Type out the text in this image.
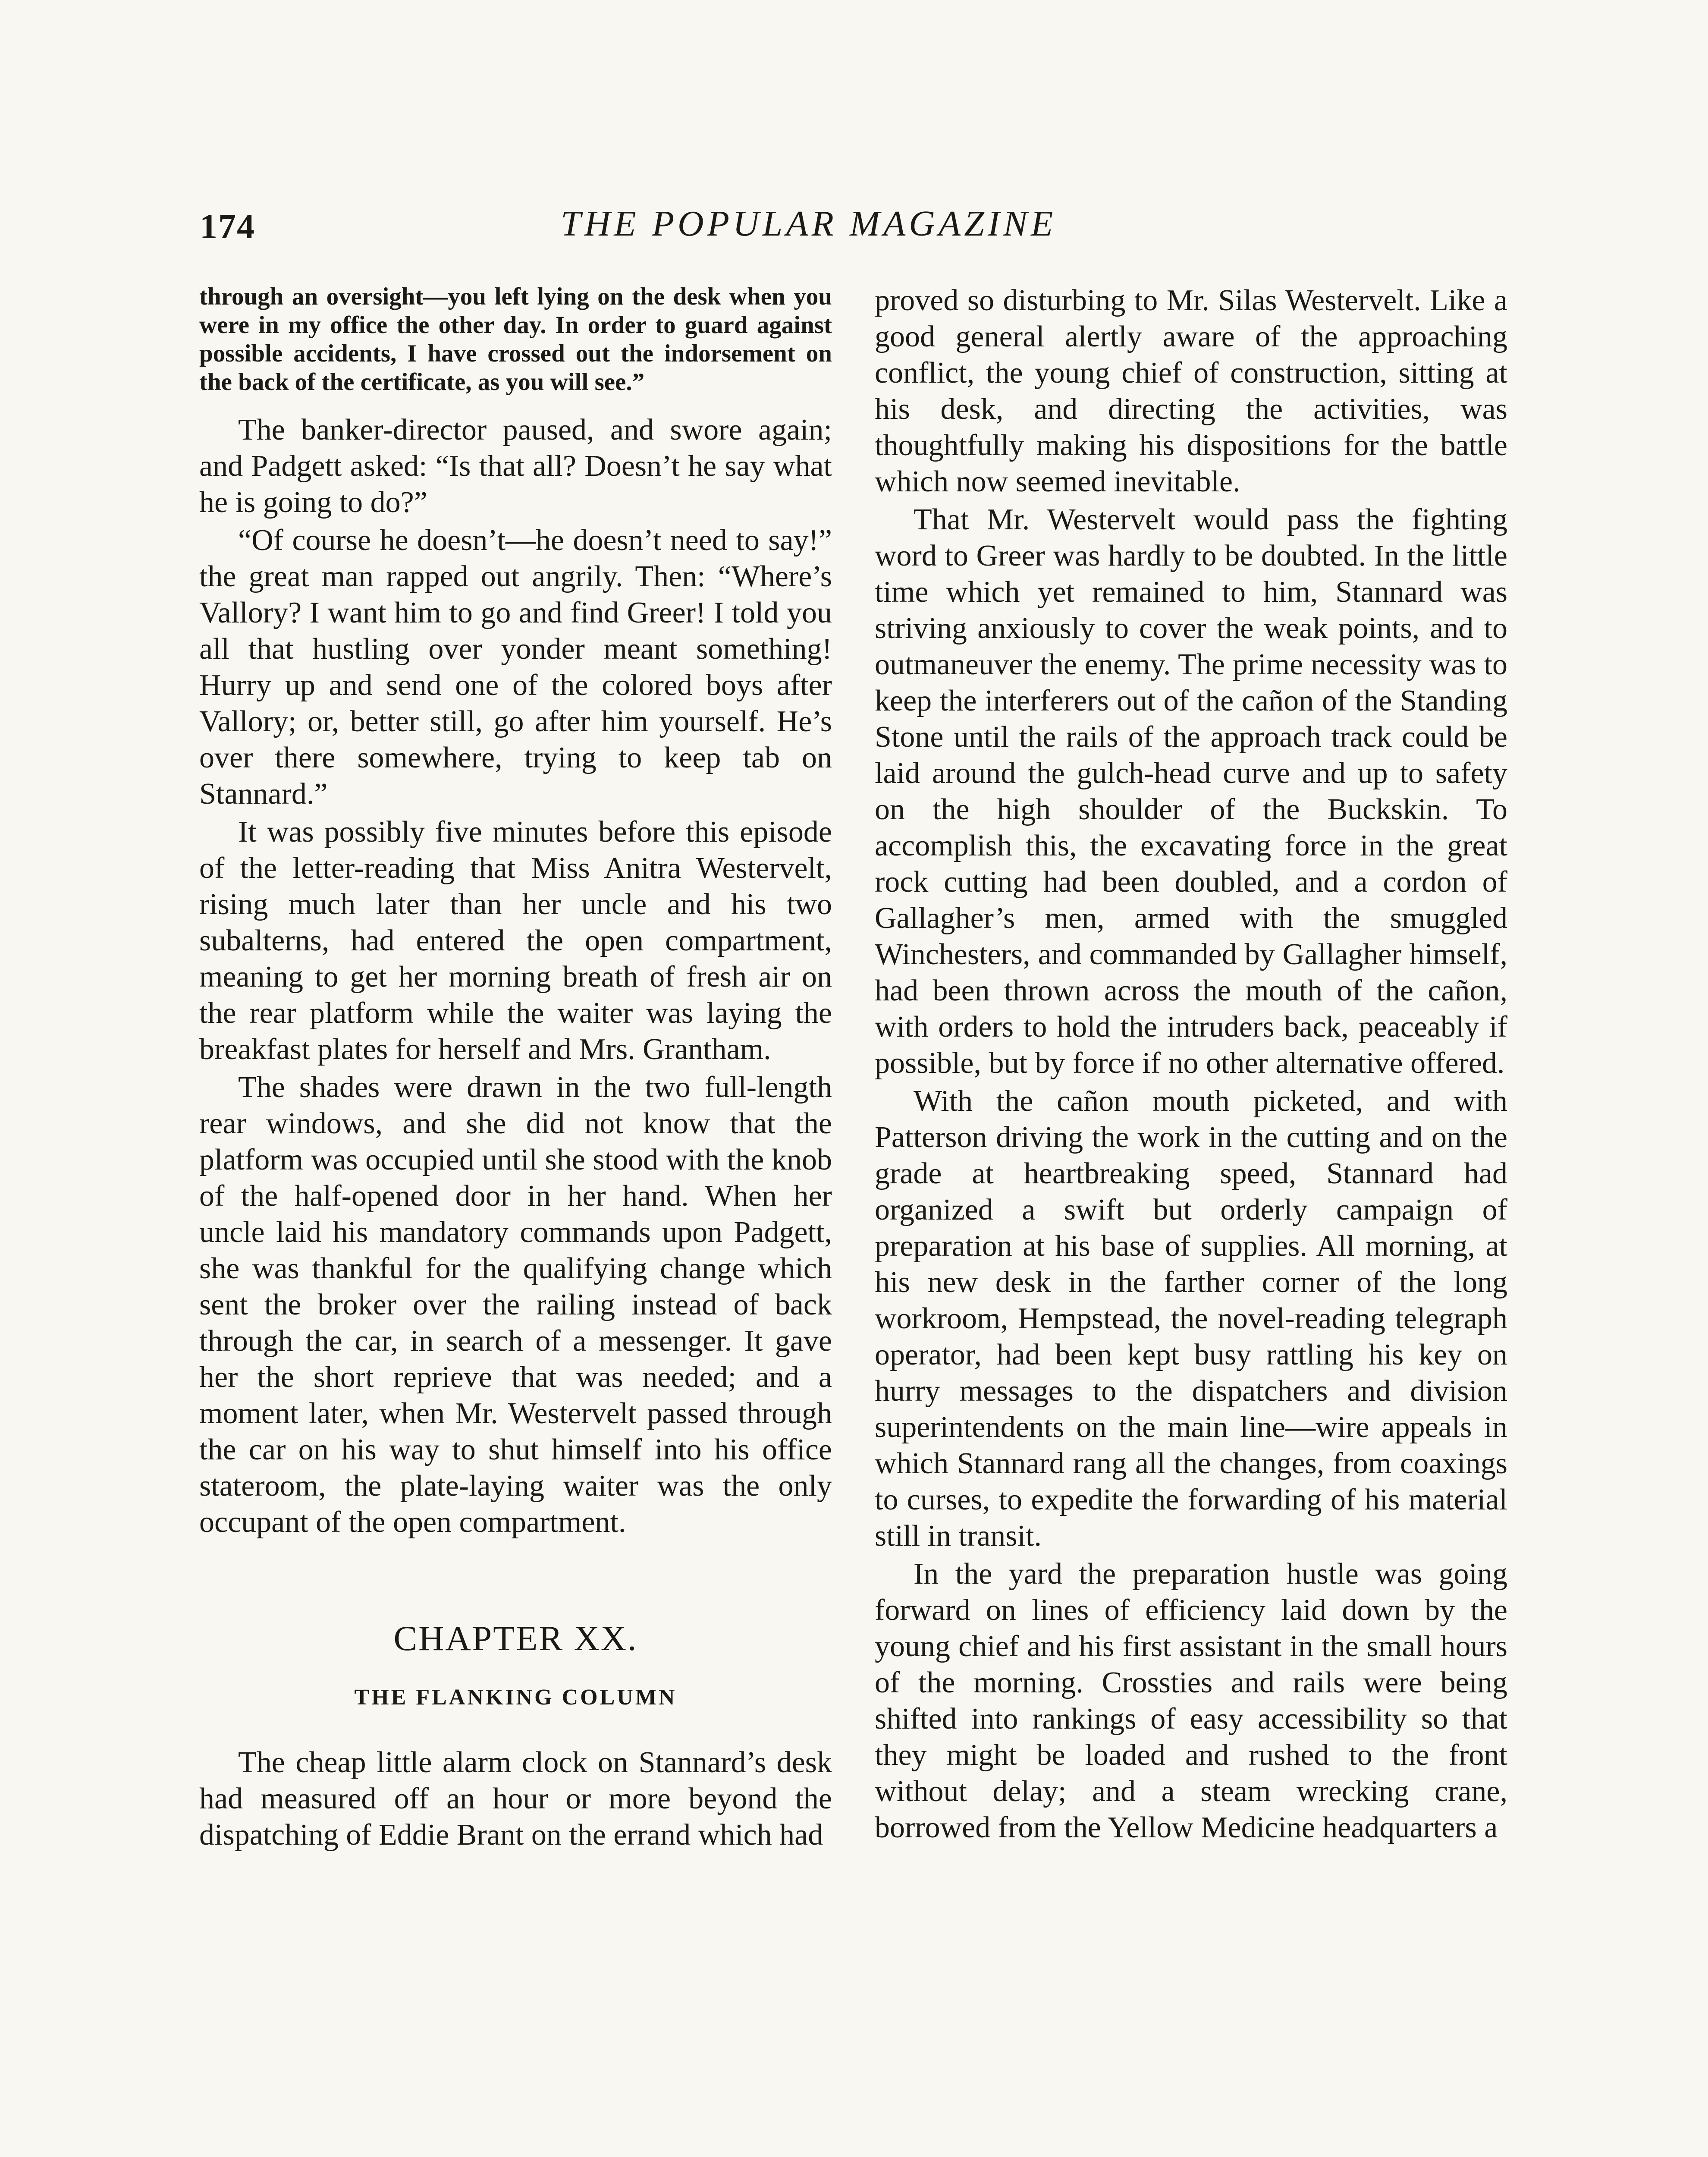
174	THE POPULAR MAGAZINE

through an oversight—you left lying on the desk when you were in my office the other day. In order to guard against possible accidents, I have crossed out the indorsement on the back of the certificate, as you will see.”

The banker-director paused, and swore again; and Padgett asked: “Is that all? Doesn’t he say what he is going to do?”

“Of course he doesn’t—he doesn’t need to say!” the great man rapped out angrily. Then: “Where’s Vallory? I want him to go and find Greer! I told you all that hustling over yonder meant something! Hurry up and send one of the colored boys after Vallory; or, better still, go after him yourself. He’s over there somewhere, trying to keep tab on Stannard.”

It was possibly five minutes before this episode of the letter-reading that Miss Anitra Westervelt, rising much later than her uncle and his two subalterns, had entered the open compartment, meaning to get her morning breath of fresh air on the rear platform while the waiter was laying the breakfast plates for herself and Mrs. Grantham.

The shades were drawn in the two full-length rear windows, and she did not know that the platform was occupied until she stood with the knob of the half-opened door in her hand. When her uncle laid his mandatory commands upon Padgett, she was thankful for the qualifying change which sent the broker over the railing instead of back through the car, in search of a messenger. It gave her the short reprieve that was needed; and a moment later, when Mr. Westervelt passed through the car on his way to shut himself into his office stateroom, the plate-laying waiter was the only occupant of the open compartment.

CHAPTER XX.
THE FLANKING COLUMN

The cheap little alarm clock on Stannard’s desk had measured off an hour or more beyond the dispatching of Eddie Brant on the errand which had

proved so disturbing to Mr. Silas Westervelt. Like a good general alertly aware of the approaching conflict, the young chief of construction, sitting at his desk, and directing the activities, was thoughtfully making his dispositions for the battle which now seemed inevitable.

That Mr. Westervelt would pass the fighting word to Greer was hardly to be doubted. In the little time which yet remained to him, Stannard was striving anxiously to cover the weak points, and to outmaneuver the enemy. The prime necessity was to keep the interferers out of the cañon of the Standing Stone until the rails of the approach track could be laid around the gulch-head curve and up to safety on the high shoulder of the Buckskin. To accomplish this, the excavating force in the great rock cutting had been doubled, and a cordon of Gallagher’s men, armed with the smuggled Winchesters, and commanded by Gallagher himself, had been thrown across the mouth of the cañon, with orders to hold the intruders back, peaceably if possible, but by force if no other alternative offered.

With the cañon mouth picketed, and with Patterson driving the work in the cutting and on the grade at heartbreaking speed, Stannard had organized a swift but orderly campaign of preparation at his base of supplies. All morning, at his new desk in the farther corner of the long workroom, Hempstead, the novel-reading telegraph operator, had been kept busy rattling his key on hurry messages to the dispatchers and division superintendents on the main line—wire appeals in which Stannard rang all the changes, from coaxings to curses, to expedite the forwarding of his material still in transit.

In the yard the preparation hustle was going forward on lines of efficiency laid down by the young chief and his first assistant in the small hours of the morning. Crossties and rails were being shifted into rankings of easy accessibility so that they might be loaded and rushed to the front without delay; and a steam wrecking crane, borrowed from the Yellow Medicine headquarters a
